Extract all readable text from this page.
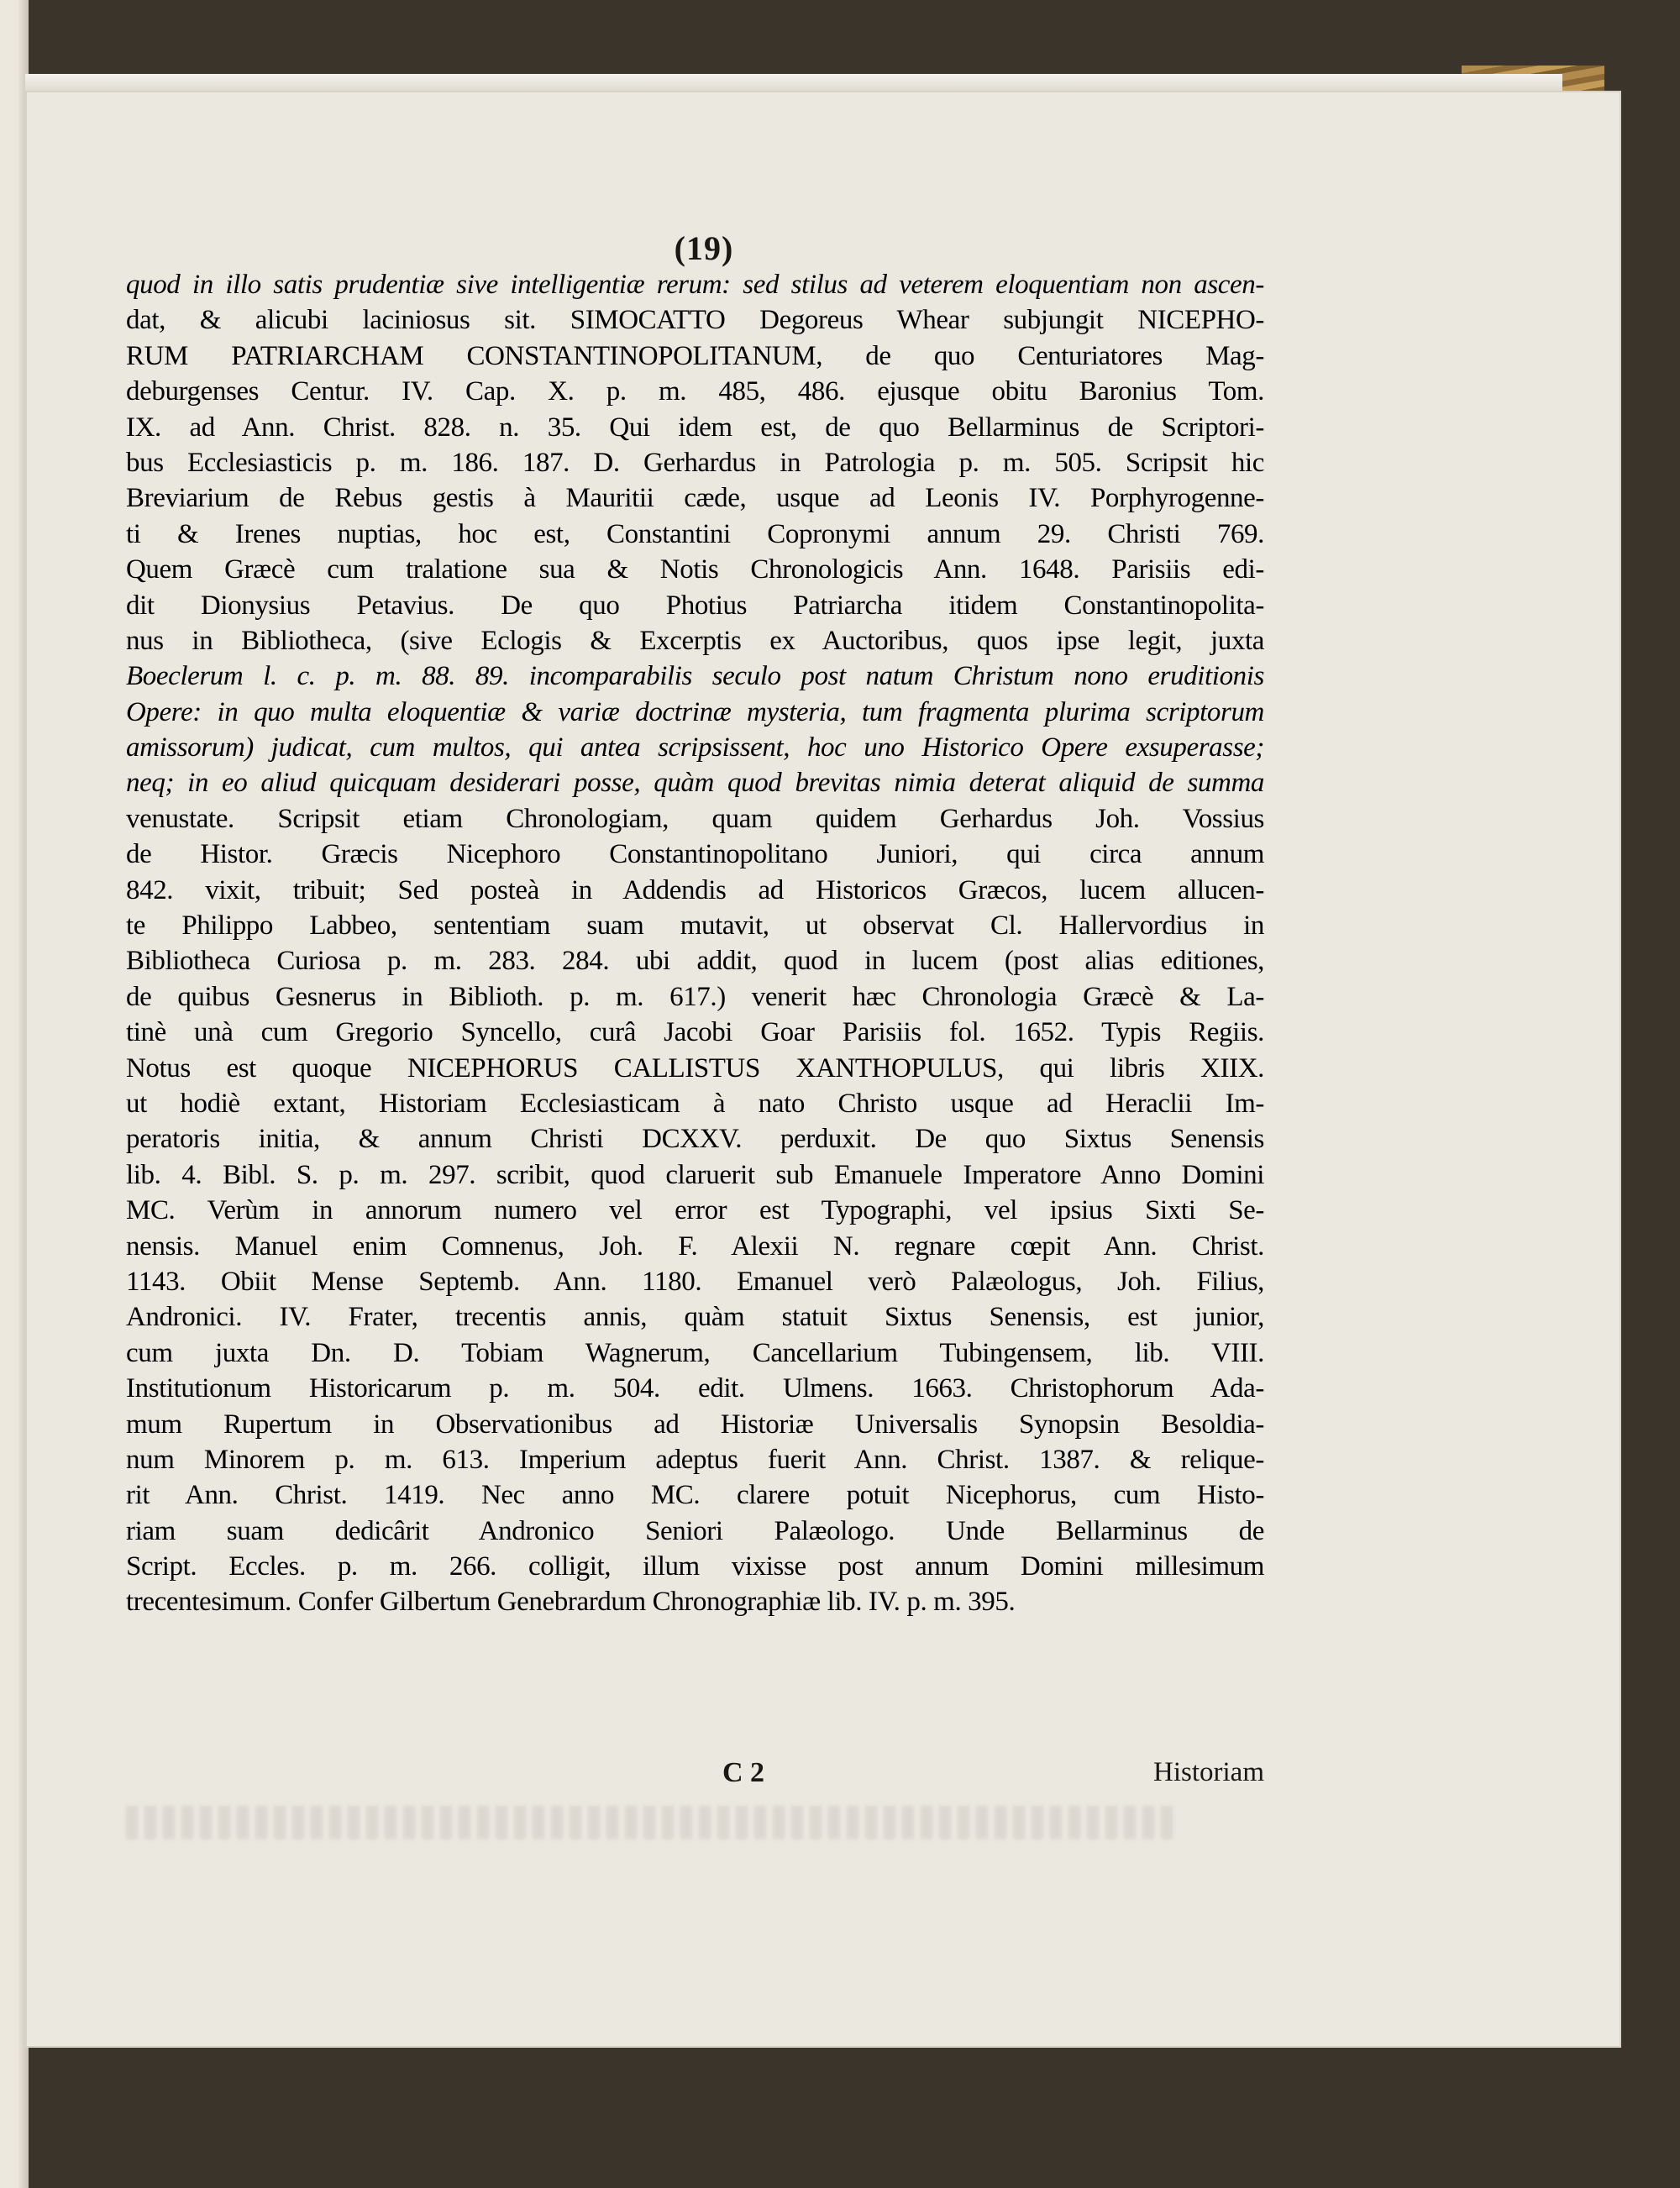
(19)
quod in illo satis prudentiæ sive intelligentiæ rerum: sed stilus ad veterem eloquentiam non ascen-
dat, & alicubi laciniosus sit. SIMOCATTO Degoreus Whear subjungit NICEPHO-
RUM PATRIARCHAM CONSTANTINOPOLITANUM, de quo Centuriatores Mag-
deburgenses Centur. IV. Cap. X. p. m. 485, 486. ejusque obitu Baronius Tom.
IX. ad Ann. Christ. 828. n. 35. Qui idem est, de quo Bellarminus de Scriptori-
bus Ecclesiasticis p. m. 186. 187. D. Gerhardus in Patrologia p. m. 505. Scripsit hic
Breviarium de Rebus gestis à Mauritii cæde, usque ad Leonis IV. Porphyrogenne-
ti & Irenes nuptias, hoc est, Constantini Copronymi annum 29. Christi 769.
Quem Græcè cum tralatione sua & Notis Chronologicis Ann. 1648. Parisiis edi-
dit Dionysius Petavius. De quo Photius Patriarcha itidem Constantinopolita-
nus in Bibliotheca, (sive Eclogis & Excerptis ex Auctoribus, quos ipse legit, juxta
Boeclerum l. c. p. m. 88. 89. incomparabilis seculo post natum Christum nono eruditionis
Opere: in quo multa eloquentiæ & variæ doctrinæ mysteria, tum fragmenta plurima scriptorum
amissorum) judicat, cum multos, qui antea scripsissent, hoc uno Historico Opere exsuperasse;
neq; in eo aliud quicquam desiderari posse, quàm quod brevitas nimia deterat aliquid de summa
venustate. Scripsit etiam Chronologiam, quam quidem Gerhardus Joh. Vossius
de Histor. Græcis Nicephoro Constantinopolitano Juniori, qui circa annum
842. vixit, tribuit; Sed posteà in Addendis ad Historicos Græcos, lucem allucen-
te Philippo Labbeo, sententiam suam mutavit, ut observat Cl. Hallervordius in
Bibliotheca Curiosa p. m. 283. 284. ubi addit, quod in lucem (post alias editiones,
de quibus Gesnerus in Biblioth. p. m. 617.) venerit hæc Chronologia Græcè & La-
tinè unà cum Gregorio Syncello, curâ Jacobi Goar Parisiis fol. 1652. Typis Regiis.
Notus est quoque NICEPHORUS CALLISTUS XANTHOPULUS, qui libris XIIX.
ut hodiè extant, Historiam Ecclesiasticam à nato Christo usque ad Heraclii Im-
peratoris initia, & annum Christi DCXXV. perduxit. De quo Sixtus Senensis
lib. 4. Bibl. S. p. m. 297. scribit, quod claruerit sub Emanuele Imperatore Anno Domini
MC. Verùm in annorum numero vel error est Typographi, vel ipsius Sixti Se-
nensis. Manuel enim Comnenus, Joh. F. Alexii N. regnare cœpit Ann. Christ.
1143. Obiit Mense Septemb. Ann. 1180. Emanuel verò Palæologus, Joh. Filius,
Andronici. IV. Frater, trecentis annis, quàm statuit Sixtus Senensis, est junior,
cum juxta Dn. D. Tobiam Wagnerum, Cancellarium Tubingensem, lib. VIII.
Institutionum Historicarum p. m. 504. edit. Ulmens. 1663. Christophorum Ada-
mum Rupertum in Observationibus ad Historiæ Universalis Synopsin Besoldia-
num Minorem p. m. 613. Imperium adeptus fuerit Ann. Christ. 1387. & relique-
rit Ann. Christ. 1419. Nec anno MC. clarere potuit Nicephorus, cum Histo-
riam suam dedicârit Andronico Seniori Palæologo. Unde Bellarminus de
Script. Eccles. p. m. 266. colligit, illum vixisse post annum Domini millesimum
trecentesimum. Confer Gilbertum Genebrardum Chronographiæ lib. IV. p. m. 395.
C 2	Historiam
